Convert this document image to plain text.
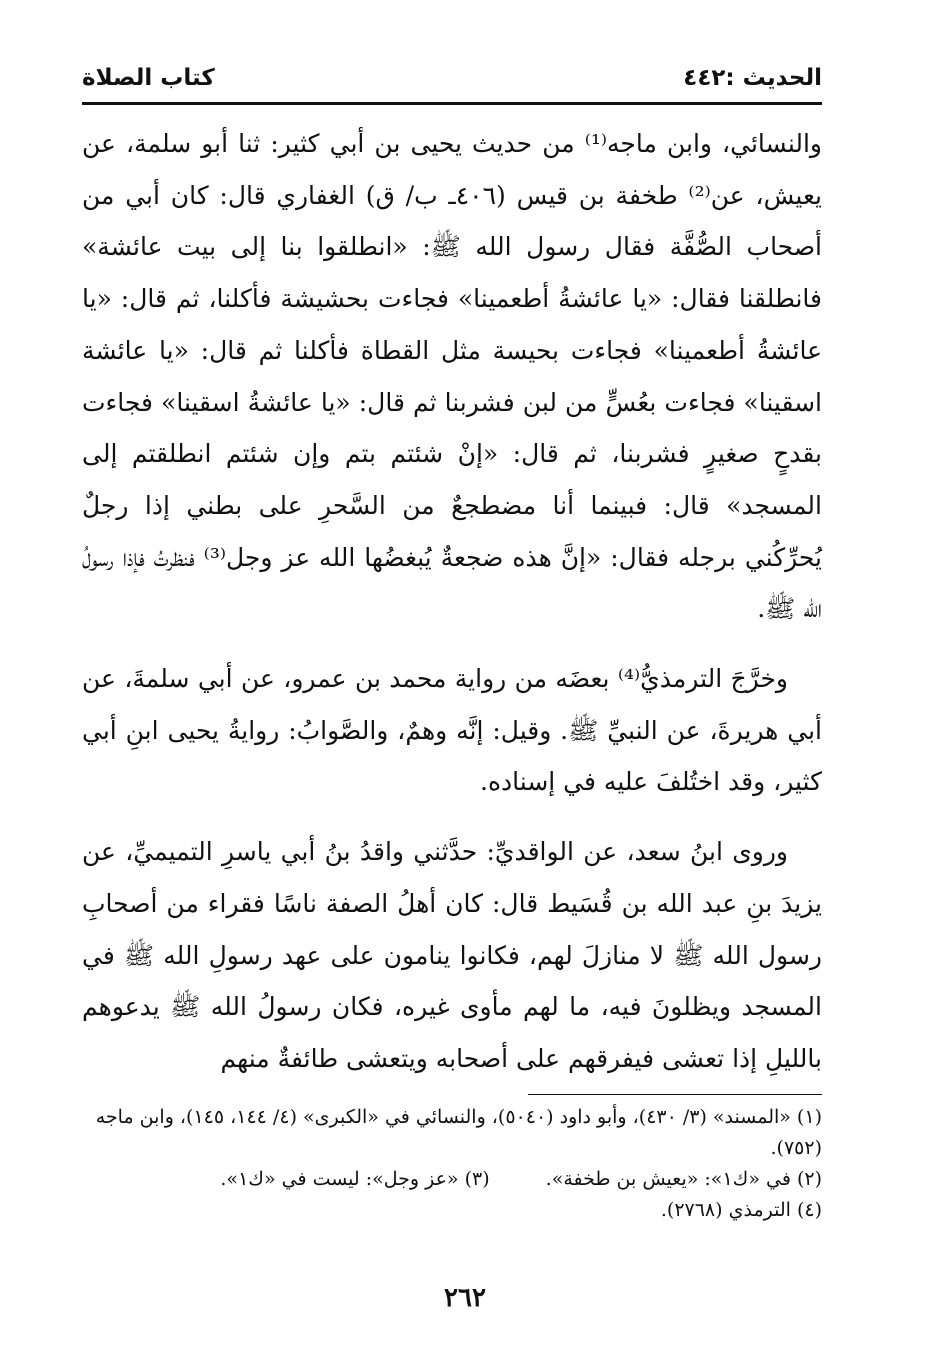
الحديث :٤٤٢
كتاب الصلاة

والنسائي، وابن ماجه⁽¹⁾ من حديث يحيى بن أبي كثير: ثنا أبو سلمة، عن يعيش، عن⁽²⁾ طخفة بن قيس (٤٠٦ـ ب/ ق) الغفاري قال: كان أبي من أصحاب الصُّفَّة فقال رسول الله ﷺ: «انطلقوا بنا إلى بيت عائشة» فانطلقنا فقال: «يا عائشةُ أطعمينا» فجاءت بحشيشة فأكلنا، ثم قال: «يا عائشةُ أطعمينا» فجاءت بحيسة مثل القطاة فأكلنا ثم قال: «يا عائشة اسقينا» فجاءت بعُسٍّ من لبن فشربنا ثم قال: «يا عائشةُ اسقينا» فجاءت بقدحٍ صغيرٍ فشربنا، ثم قال: «إنْ شئتم بتم وإن شئتم انطلقتم إلى المسجد» قال: فبينما أنا مضطجعٌ من السَّحرِ على بطني إذا رجلٌ يُحرِّكُني برجله فقال: «إنَّ هذه ضجعةٌ يُبغضُها الله عز وجل⁽³⁾ فنظرتُ فإذا رسولُ الله ﷺ.

وخرَّجَ الترمذيُّ⁽⁴⁾ بعضَه من رواية محمد بن عمرو، عن أبي سلمةَ، عن أبي هريرةَ، عن النبيِّ ﷺ. وقيل: إنَّه وهمٌ، والصَّوابُ: روايةُ يحيى ابنِ أبي كثير، وقد اختُلفَ عليه في إسناده.

وروى ابنُ سعد، عن الواقديِّ: حدَّثني واقدُ بنُ أبي ياسرِ التميميِّ، عن يزيدَ بنِ عبد الله بن قُسَيط قال: كان أهلُ الصفة ناسًا فقراء من أصحابِ رسول الله ﷺ لا منازلَ لهم، فكانوا ينامون على عهد رسولِ الله ﷺ في المسجد ويظلونَ فيه، ما لهم مأوى غيره، فكان رسولُ الله ﷺ يدعوهم بالليلِ إذا تعشى فيفرقهم على أصحابه ويتعشى طائفةٌ منهم

(١) «المسند» (٣/ ٤٣٠)، وأبو داود (٥٠٤٠)، والنسائي في «الكبرى» (٤/ ١٤٤، ١٤٥)، وابن ماجه (٧٥٢).

(٢) في «ك١»: «يعيش بن طخفة».
(٣) «عز وجل»: ليست في «ك١».

(٤) الترمذي (٢٧٦٨).

٢٦٢
